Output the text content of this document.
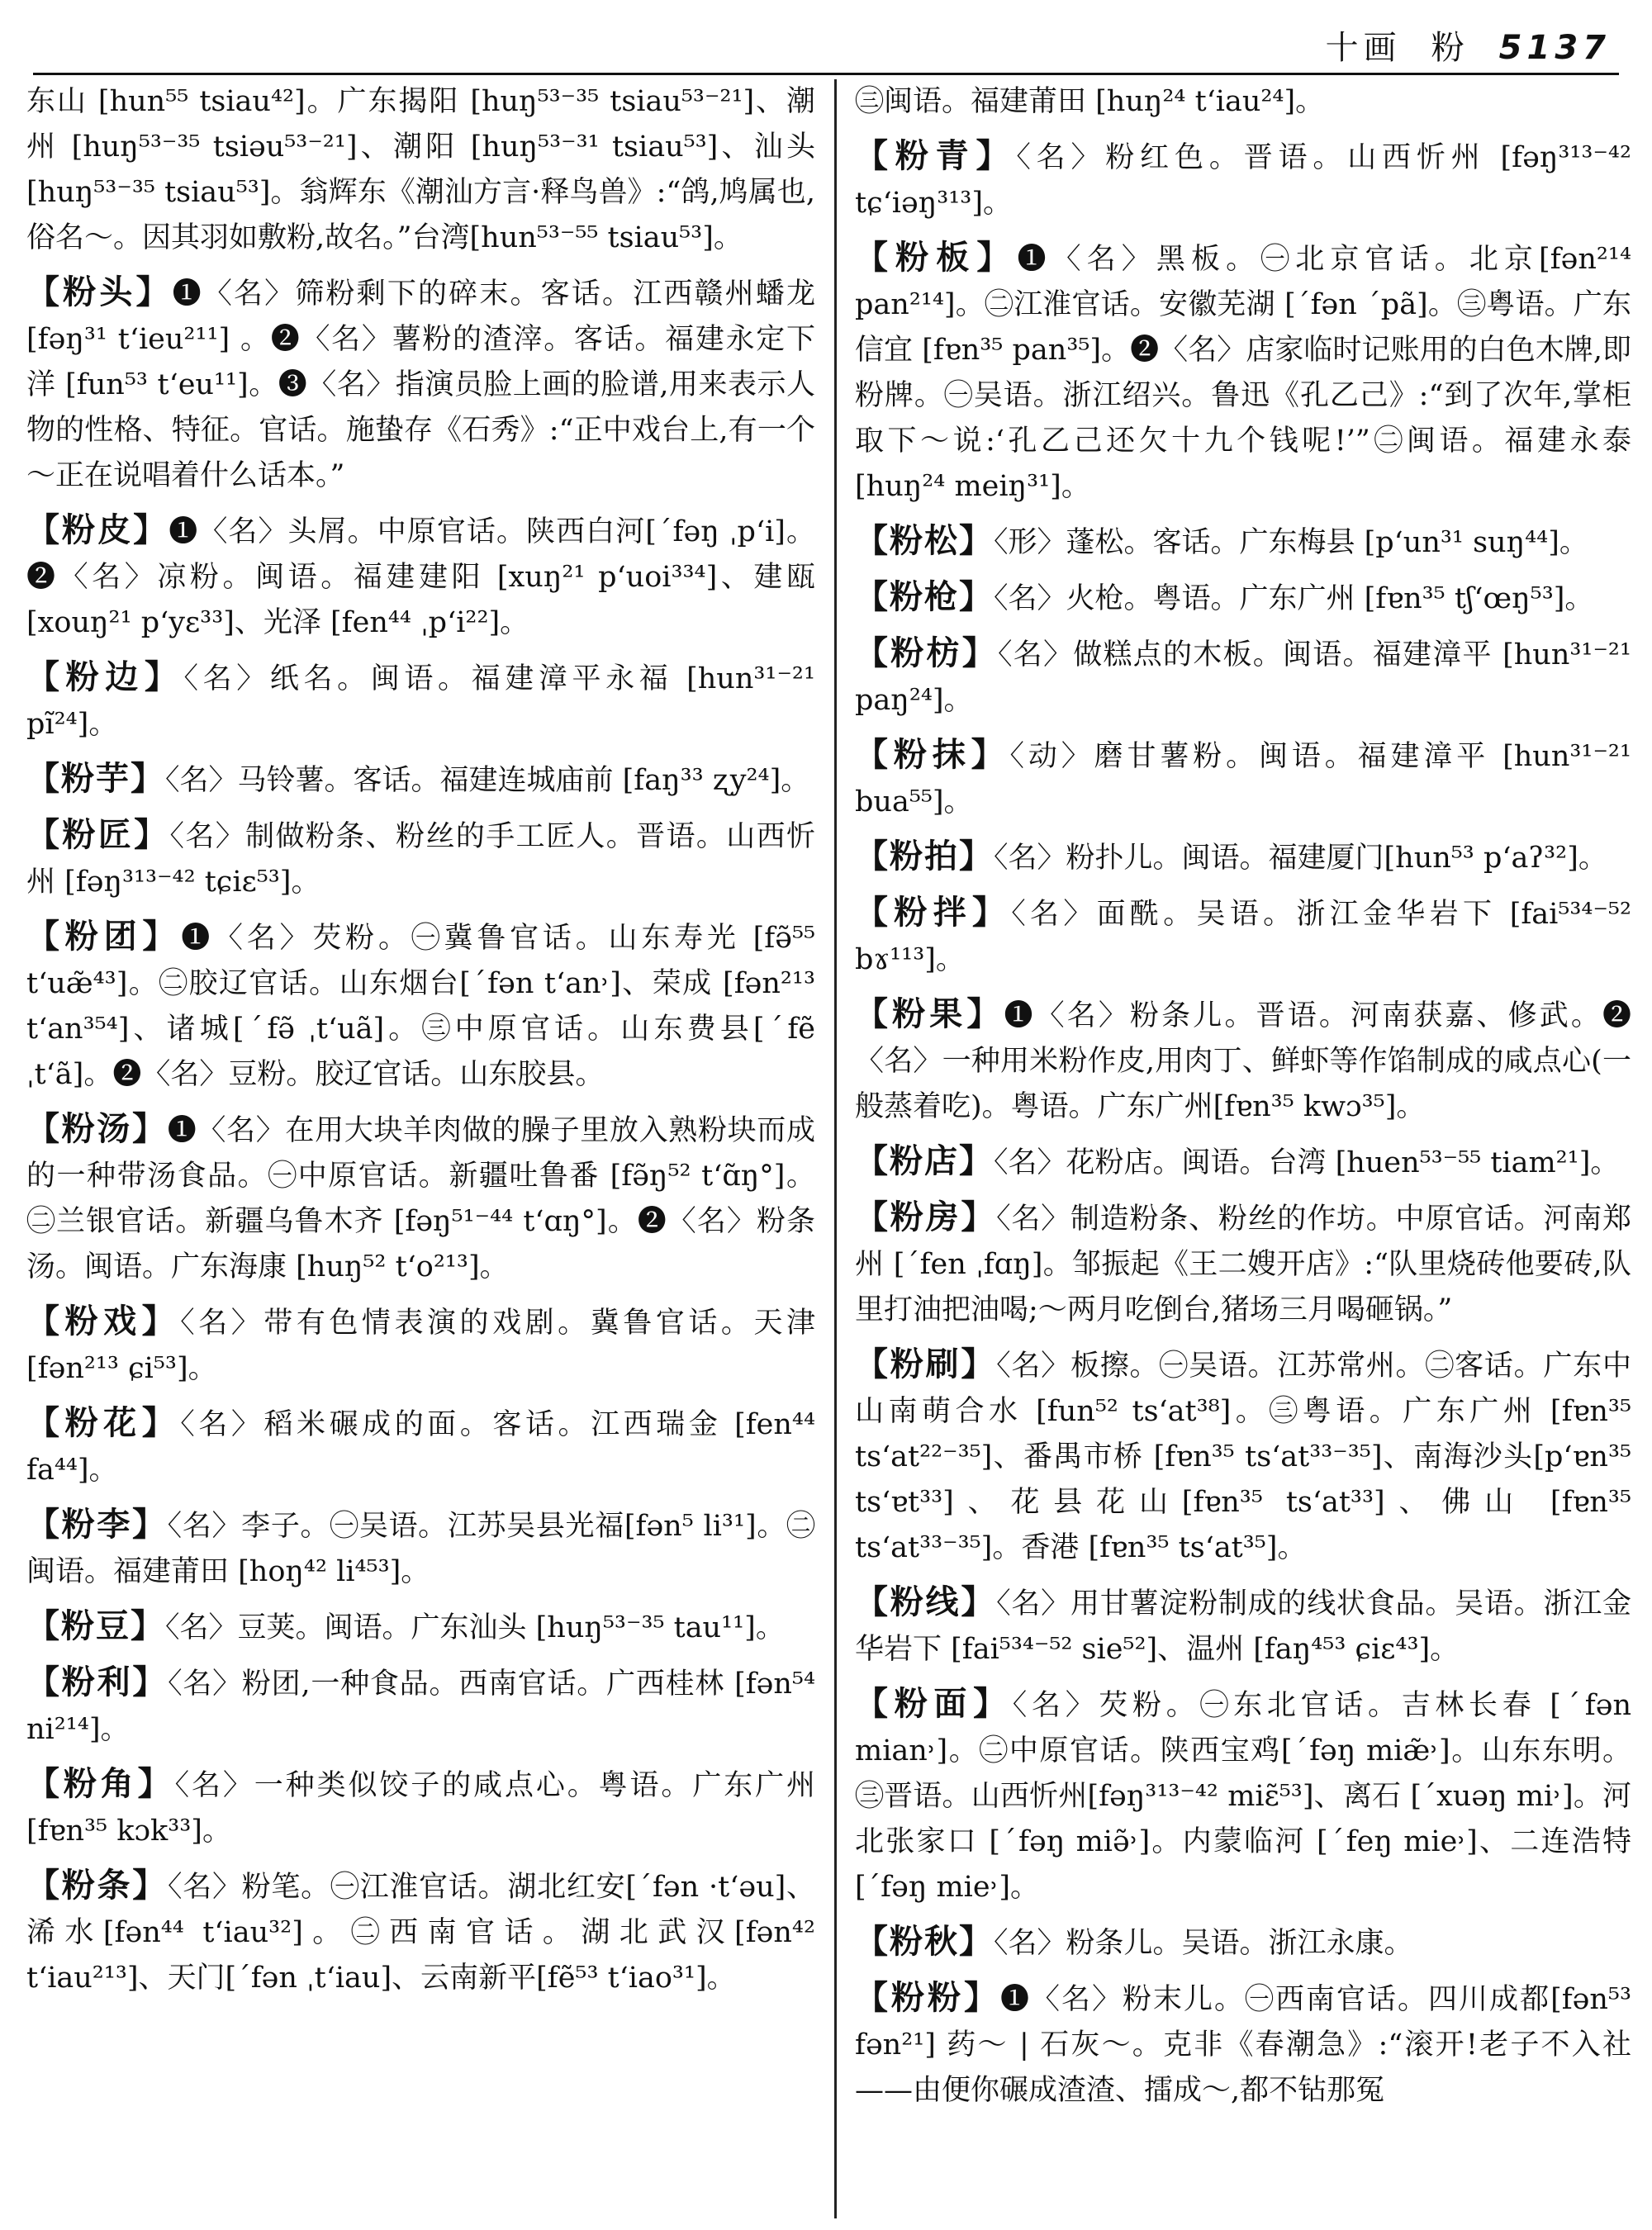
十画 粉 5137

东山 [hun⁵⁵ tsiau⁴²]。广东揭阳 [huŋ⁵³⁻³⁵ tsiau⁵³⁻²¹]、潮州 [huŋ⁵³⁻³⁵ tsiəu⁵³⁻²¹]、潮阳 [huŋ⁵³⁻³¹ tsiau⁵³]、汕头[huŋ⁵³⁻³⁵ tsiau⁵³]。翁辉东《潮汕方言·释鸟兽》:“鸽,鸠属也,俗名～。因其羽如敷粉,故名。”台湾[hun⁵³⁻⁵⁵ tsiau⁵³]。

【粉头】❶〈名〉筛粉剩下的碎末。客话。江西赣州蟠龙 [fəŋ³¹ tʻieu²¹¹] 。❷〈名〉薯粉的渣滓。客话。福建永定下洋 [fun⁵³ tʻeu¹¹]。❸〈名〉指演员脸上画的脸谱,用来表示人物的性格、特征。官话。施蛰存《石秀》:“正中戏台上,有一个～正在说唱着什么话本。”

【粉皮】❶〈名〉头屑。中原官话。陕西白河[ˊfəŋ ˌpʻi]。❷〈名〉凉粉。闽语。福建建阳 [xuŋ²¹ pʻuoi³³⁴]、建瓯 [xouŋ²¹ pʻyɛ³³]、光泽 [fen⁴⁴ ˌpʻi²²]。

【粉边】〈名〉纸名。闽语。福建漳平永福 [hun³¹⁻²¹ pĩ²⁴]。

【粉芋】〈名〉马铃薯。客话。福建连城庙前 [faŋ³³ ʐy²⁴]。

【粉匠】〈名〉制做粉条、粉丝的手工匠人。晋语。山西忻州 [fəŋ³¹³⁻⁴² tɕiɛ⁵³]。

【粉团】❶〈名〉芡粉。㊀冀鲁官话。山东寿光 [fə̃⁵⁵ tʻuæ̃⁴³]。㊁胶辽官话。山东烟台[ˊfən tʻan˒]、荣成 [fən²¹³ tʻan³⁵⁴]、诸城[ˊfə̃ ˌtʻuã]。㊂中原官话。山东费县[ˊfẽ ˌtʻã]。❷〈名〉豆粉。胶辽官话。山东胶县。

【粉汤】❶〈名〉在用大块羊肉做的臊子里放入熟粉块而成的一种带汤食品。㊀中原官话。新疆吐鲁番 [fə̃ŋ⁵² tʻɑ̃ŋ°]。㊁兰银官话。新疆乌鲁木齐 [fəŋ⁵¹⁻⁴⁴ tʻɑŋ°]。❷〈名〉粉条汤。闽语。广东海康 [huŋ⁵² tʻo²¹³]。

【粉戏】〈名〉带有色情表演的戏剧。冀鲁官话。天津 [fən²¹³ ɕi⁵³]。

【粉花】〈名〉稻米碾成的面。客话。江西瑞金 [fen⁴⁴ fa⁴⁴]。

【粉李】〈名〉李子。㊀吴语。江苏吴县光福[fən⁵ li³¹]。㊁闽语。福建莆田 [hoŋ⁴² li⁴⁵³]。

【粉豆】〈名〉豆荚。闽语。广东汕头 [huŋ⁵³⁻³⁵ tau¹¹]。

【粉利】〈名〉粉团,一种食品。西南官话。广西桂林 [fən⁵⁴ ni²¹⁴]。

【粉角】〈名〉一种类似饺子的咸点心。粤语。广东广州 [fɐn³⁵ kɔk³³]。

【粉条】〈名〉粉笔。㊀江淮官话。湖北红安[ˊfən ·tʻəu]、浠水[fən⁴⁴ tʻiau³²]。㊁西南官话。湖北武汉[fən⁴² tʻiau²¹³]、天门[ˊfən ˌtʻiau]、云南新平[fẽ⁵³ tʻiao³¹]。

㊂闽语。福建莆田 [huŋ²⁴ tʻiau²⁴]。

【粉青】〈名〉粉红色。晋语。山西忻州 [fəŋ³¹³⁻⁴² tɕʻiəŋ³¹³]。

【粉板】❶〈名〉黑板。㊀北京官话。北京[fən²¹⁴ pan²¹⁴]。㊁江淮官话。安徽芜湖 [ˊfən ˊpã]。㊂粤语。广东信宜 [fɐn³⁵ pan³⁵]。❷〈名〉店家临时记账用的白色木牌,即粉牌。㊀吴语。浙江绍兴。鲁迅《孔乙己》:“到了次年,掌柜取下～说:‘孔乙己还欠十九个钱呢!’”㊁闽语。福建永泰 [huŋ²⁴ meiŋ³¹]。

【粉松】〈形〉蓬松。客话。广东梅县 [pʻun³¹ suŋ⁴⁴]。

【粉枪】〈名〉火枪。粤语。广东广州 [fɐn³⁵ tʃʻœŋ⁵³]。

【粉枋】〈名〉做糕点的木板。闽语。福建漳平 [hun³¹⁻²¹ paŋ²⁴]。

【粉抹】〈动〉磨甘薯粉。闽语。福建漳平 [hun³¹⁻²¹ bua⁵⁵]。

【粉拍】〈名〉粉扑儿。闽语。福建厦门[hun⁵³ pʻaʔ³²]。

【粉拌】〈名〉面酰。吴语。浙江金华岩下 [fai⁵³⁴⁻⁵² bɤ¹¹³]。

【粉果】❶〈名〉粉条儿。晋语。河南获嘉、修武。❷〈名〉一种用米粉作皮,用肉丁、鲜虾等作馅制成的咸点心(一般蒸着吃)。粤语。广东广州[fɐn³⁵ kwɔ³⁵]。

【粉店】〈名〉花粉店。闽语。台湾 [huen⁵³⁻⁵⁵ tiam²¹]。

【粉房】〈名〉制造粉条、粉丝的作坊。中原官话。河南郑州 [ˊfen ˌfɑŋ]。邹振起《王二嫂开店》:“队里烧砖他要砖,队里打油把油喝;～两月吃倒台,猪场三月喝砸锅。”

【粉刷】〈名〉板擦。㊀吴语。江苏常州。㊁客话。广东中山南萌合水 [fun⁵² tsʻat³⁸]。㊂粤语。广东广州 [fɐn³⁵ tsʻat²²⁻³⁵]、番禺市桥 [fɐn³⁵ tsʻat³³⁻³⁵]、南海沙头[pʻɐn³⁵ tsʻɐt³³]、花县花山[fɐn³⁵ tsʻat³³]、佛山 [fɐn³⁵ tsʻat³³⁻³⁵]。香港 [fɐn³⁵ tsʻat³⁵]。

【粉线】〈名〉用甘薯淀粉制成的线状食品。吴语。浙江金华岩下 [fai⁵³⁴⁻⁵² sie⁵²]、温州 [faŋ⁴⁵³ ɕiɛ⁴³]。

【粉面】〈名〉芡粉。㊀东北官话。吉林长春 [ˊfən mian˒]。㊁中原官话。陕西宝鸡[ˊfəŋ miæ̃˒]。山东东明。㊂晋语。山西忻州[fəŋ³¹³⁻⁴² miɛ̃⁵³]、离石 [ˊxuəŋ mi˒]。河北张家口 [ˊfəŋ miə̃˒]。内蒙临河 [ˊfeŋ mie˒]、二连浩特[ˊfəŋ mie˒]。

【粉秋】〈名〉粉条儿。吴语。浙江永康。

【粉粉】❶〈名〉粉末儿。㊀西南官话。四川成都[fən⁵³ fən²¹] 药～ | 石灰～。克非《春潮急》:“滚开!老子不入社——由便你碾成渣渣、擂成～,都不钻那冤
